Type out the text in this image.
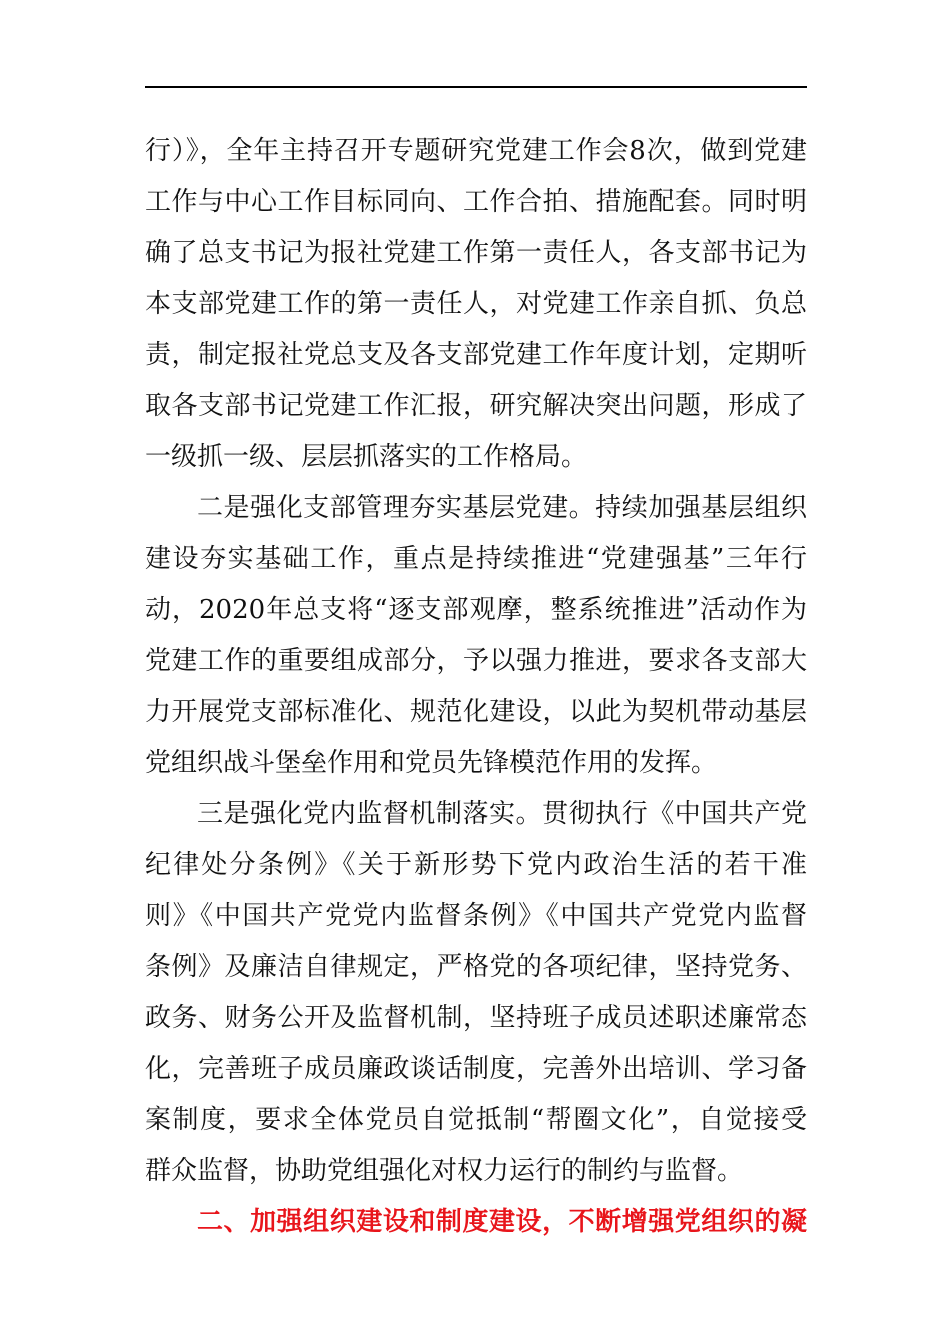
行）》，全年主持召开专题研究党建工作会8次，做到党建
工作与中心工作目标同向、工作合拍、措施配套。同时明
确了总支书记为报社党建工作第一责任人，各支部书记为
本支部党建工作的第一责任人，对党建工作亲自抓、负总
责，制定报社党总支及各支部党建工作年度计划，定期听
取各支部书记党建工作汇报，研究解决突出问题，形成了
一级抓一级、层层抓落实的工作格局。
二是强化支部管理夯实基层党建。持续加强基层组织
建设夯实基础工作，重点是持续推进“党建强基”三年行
动，2020年总支将“逐支部观摩，整系统推进”活动作为
党建工作的重要组成部分，予以强力推进，要求各支部大
力开展党支部标准化、规范化建设，以此为契机带动基层
党组织战斗堡垒作用和党员先锋模范作用的发挥。
三是强化党内监督机制落实。贯彻执行《中国共产党
纪律处分条例》《关于新形势下党内政治生活的若干准
则》《中国共产党党内监督条例》《中国共产党党内监督
条例》及廉洁自律规定，严格党的各项纪律，坚持党务、
政务、财务公开及监督机制，坚持班子成员述职述廉常态
化，完善班子成员廉政谈话制度，完善外出培训、学习备
案制度，要求全体党员自觉抵制“帮圈文化”，自觉接受
群众监督，协助党组强化对权力运行的制约与监督。
二、加强组织建设和制度建设，不断增强党组织的凝
